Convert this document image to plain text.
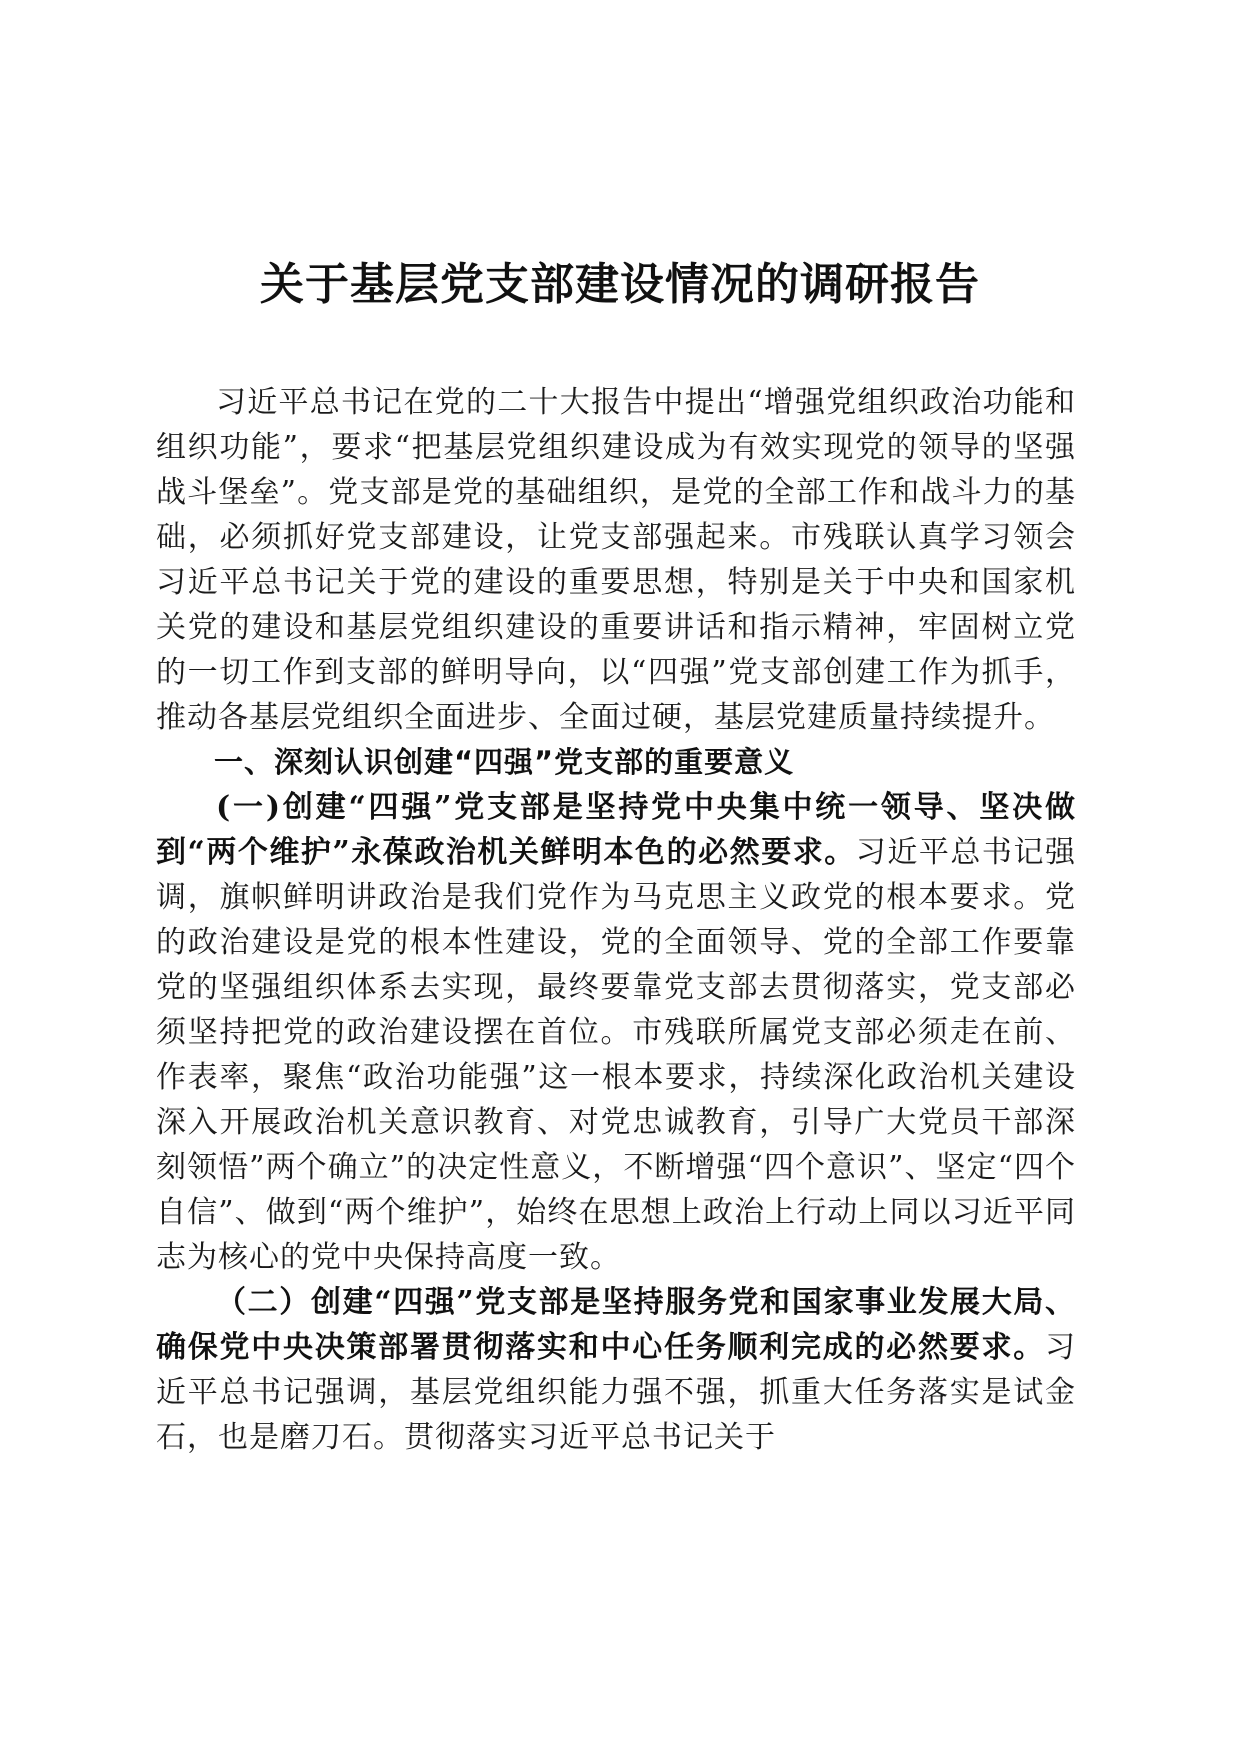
关于基层党支部建设情况的调研报告

习近平总书记在党的二十大报告中提出“增强党组织政治功能和组织功能”，要求“把基层党组织建设成为有效实现党的领导的坚强战斗堡垒”。党支部是党的基础组织，是党的全部工作和战斗力的基础，必须抓好党支部建设，让党支部强起来。市残联认真学习领会习近平总书记关于党的建设的重要思想，特别是关于中央和国家机关党的建设和基层党组织建设的重要讲话和指示精神，牢固树立党的一切工作到支部的鲜明导向，以“四强”党支部创建工作为抓手，推动各基层党组织全面进步、全面过硬，基层党建质量持续提升。

一、深刻认识创建“四强”党支部的重要意义

(一)创建“四强”党支部是坚持党中央集中统一领导、坚决做到“两个维护”永葆政治机关鲜明本色的必然要求。习近平总书记强调，旗帜鲜明讲政治是我们党作为马克思主义政党的根本要求。党的政治建设是党的根本性建设，党的全面领导、党的全部工作要靠党的坚强组织体系去实现，最终要靠党支部去贯彻落实，党支部必须坚持把党的政治建设摆在首位。市残联所属党支部必须走在前、作表率，聚焦“政治功能强”这一根本要求，持续深化政治机关建设深入开展政治机关意识教育、对党忠诚教育，引导广大党员干部深刻领悟”两个确立”的决定性意义，不断增强“四个意识”、坚定“四个自信”、做到“两个维护”，始终在思想上政治上行动上同以习近平同志为核心的党中央保持高度一致。

（二）创建“四强”党支部是坚持服务党和国家事业发展大局、确保党中央决策部署贯彻落实和中心任务顺利完成的必然要求。习近平总书记强调，基层党组织能力强不强，抓重大任务落实是试金石，也是磨刀石。贯彻落实习近平总书记关于
